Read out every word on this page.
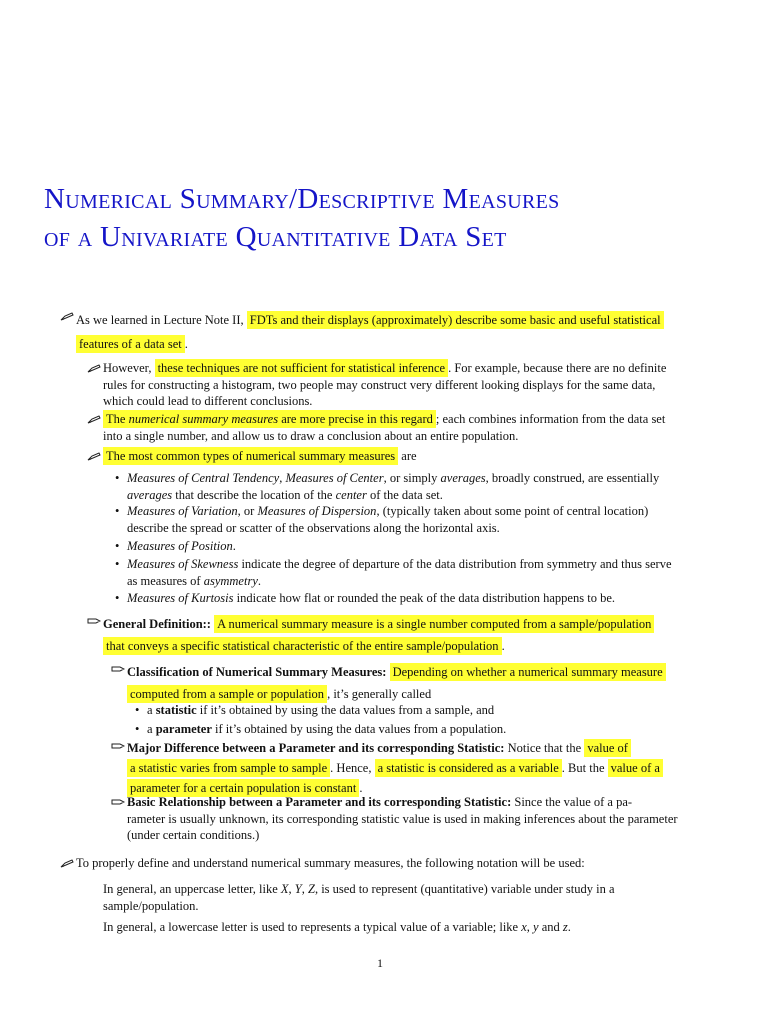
Numerical Summary/Descriptive Measures
of a Univariate Quantitative Data Set

As we learned in Lecture Note II, FDTs and their displays (approximately) describe some basic and useful statistical
features of a data set .

However, these techniques are not sufficient for statistical inference . For example, because there are no definite
rules for constructing a histogram, two people may construct very different looking displays for the same data,
which could lead to different conclusions.

The numerical summary measures are more precise in this regard ; each combines information from the data set
into a single number, and allow us to draw a conclusion about an entire population.

The most common types of numerical summary measures are

• Measures of Central Tendency, Measures of Center, or simply averages, broadly construed, are essentially
averages that describe the location of the center of the data set.

• Measures of Variation, or Measures of Dispersion, (typically taken about some point of central location)
describe the spread or scatter of the observations along the horizontal axis.

• Measures of Position.

• Measures of Skewness indicate the degree of departure of the data distribution from symmetry and thus serve
as measures of asymmetry.

• Measures of Kurtosis indicate how flat or rounded the peak of the data distribution happens to be.

General Definition:: A numerical summary measure is a single number computed from a sample/population
that conveys a specific statistical characteristic of the entire sample/population .

Classification of Numerical Summary Measures: Depending on whether a numerical summary measure
computed from a sample or population , it’s generally called

• a statistic if it’s obtained by using the data values from a sample, and

• a parameter if it’s obtained by using the data values from a population.

Major Difference between a Parameter and its corresponding Statistic: Notice that the value of
a statistic varies from sample to sample . Hence, a statistic is considered as a variable . But the value of a
parameter for a certain population is constant .

Basic Relationship between a Parameter and its corresponding Statistic: Since the value of a pa-
rameter is usually unknown, its corresponding statistic value is used in making inferences about the parameter
(under certain conditions.)

To properly define and understand numerical summary measures, the following notation will be used:

In general, an uppercase letter, like X, Y, Z, is used to represent (quantitative) variable under study in a
sample/population.

In general, a lowercase letter is used to represents a typical value of a variable; like x, y and z.

1
